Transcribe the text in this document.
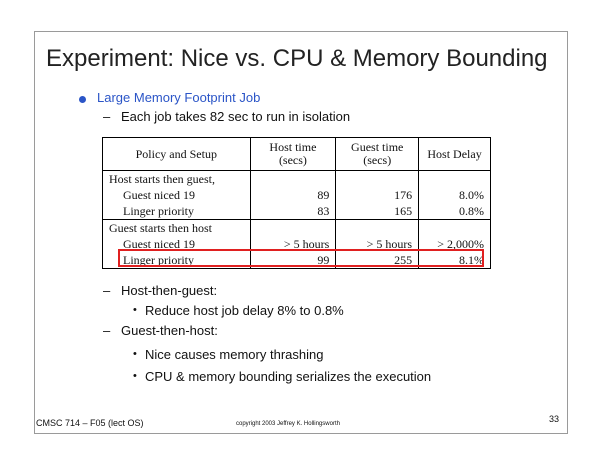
Experiment: Nice vs. CPU & Memory Bounding
Large Memory Footprint Job
– Each job takes 82 sec to run in isolation
Policy and Setup	Host time (secs)	Guest time (secs)	Host Delay
Host starts then guest,			
Guest niced 19	89	176	8.0%
Linger priority	83	165	0.8%
Guest starts then host			
Guest niced 19	> 5 hours	> 5 hours	> 2,000%
Linger priority	99	255	8.1%
– Host-then-guest:
• Reduce host job delay 8% to 0.8%
– Guest-then-host:
• Nice causes memory thrashing
• CPU & memory bounding serializes the execution
CMSC 714 – F05 (lect OS)	copyright 2003 Jeffrey K. Hollingsworth	33
